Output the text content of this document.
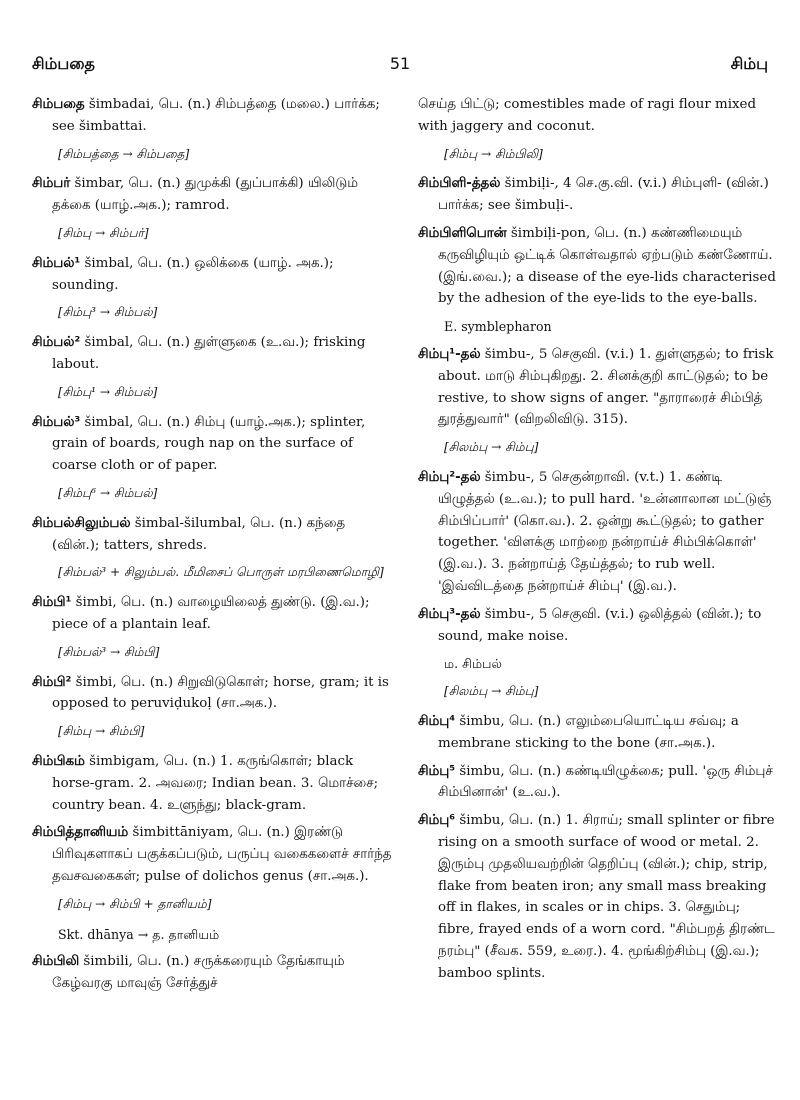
சிம்பதை	51	சிம்பு
சிம்பதை šimbadai, பெ. (n.) சிம்பத்தை (மலை.) பார்க்க; see šimbattai.
[சிம்பத்தை → சிம்பதை]
சிம்பர் šimbar, பெ. (n.) துமுக்கி (துப்பாக்கி) யிலிடும் தக்கை (யாழ்.அக.); ramrod.
[சிம்பு → சிம்பர்]
சிம்பல்¹ šimbal, பெ. (n.) ஒலிக்கை (யாழ். அக.); sounding.
[சிம்பு³ → சிம்பல்]
சிம்பல்² šimbal, பெ. (n.) துள்ளுகை (உ.வ.); frisking labout.
[சிம்பு¹ → சிம்பல்]
சிம்பல்³ šimbal, பெ. (n.) சிம்பு (யாழ்.அக.); splinter, grain of boards, rough nap on the surface of coarse cloth or of paper.
[சிம்பு⁶ → சிம்பல்]
சிம்பல்சிலும்பல் šimbal-šilumbal, பெ. (n.) கந்தை (வின்.); tatters, shreds.
[சிம்பல்³ + சிலும்பல். மீமிசைப் பொருள் மரபிணைமொழி]
சிம்பி¹ šimbi, பெ. (n.) வாழையிலைத் துண்டு. (இ.வ.); piece of a plantain leaf.
[சிம்பல்³ → சிம்பி]
சிம்பி² šimbi, பெ. (n.) சிறுவிடுகொள்; horse, gram; it is opposed to peruviḍukoḷ (சா.அக.).
[சிம்பு → சிம்பி]
சிம்பிகம் šimbigam, பெ. (n.) 1. கருங்கொள்; black horse-gram. 2. அவரை; Indian bean. 3. மொச்சை; country bean. 4. உளுந்து; black-gram.
சிம்பித்தானியம் šimbittāniyam, பெ. (n.) இரண்டு பிரிவுகளாகப் பகுக்கப்படும், பருப்பு வகைகளைச் சார்ந்த தவசவகைகள்; pulse of dolichos genus (சா.அக.).
[சிம்பு → சிம்பி + தானியம்]
Skt. dhānya → த. தானியம்
சிம்பிலி šimbili, பெ. (n.) சருக்கரையும் தேங்காயும் கேழ்வரகு மாவுஞ் சேர்த்துச்
செய்த பிட்டு; comestibles made of ragi flour mixed with jaggery and coconut.
[சிம்பு → சிம்பிலி]
சிம்பிளி-த்தல் šimbiḷi-, 4 செ.கு.வி. (v.i.) சிம்புளி- (வின்.) பார்க்க; see šimbuḷi-.
சிம்பிளிபொன் šimbiḷi-pon, பெ. (n.) கண்ணிமையும் கருவிழியும் ஒட்டிக் கொள்வதால் ஏற்படும் கண்ணோய். (இங்.வை.); a disease of the eye-lids characterised by the adhesion of the eye-lids to the eye-balls.
E. symblepharon
சிம்பு¹-தல் šimbu-, 5 செகுவி. (v.i.) 1. துள்ளுதல்; to frisk about. மாடு சிம்புகிறது. 2. சினக்குறி காட்டுதல்; to be restive, to show signs of anger. "தாராரைச் சிம்பித் துரத்துவார்" (விறலிவிடு. 315).
[சிலம்பு → சிம்பு]
சிம்பு²-தல் šimbu-, 5 செகுன்றாவி. (v.t.) 1. கண்டி யிழுத்தல் (உ.வ.); to pull hard. 'உன்னாலான மட்டுஞ் சிம்பிப்பார்' (கொ.வ.). 2. ஒன்று கூட்டுதல்; to gather together. 'விளக்கு மாற்றை நன்றாய்ச் சிம்பிக்கொள்' (இ.வ.). 3. நன்றாய்த் தேய்த்தல்; to rub well. 'இவ்விடத்தை நன்றாய்ச் சிம்பு' (இ.வ.).
சிம்பு³-தல் šimbu-, 5 செகுவி. (v.i.) ஒலித்தல் (வின்.); to sound, make noise.
ம. சிம்பல்
[சிலம்பு → சிம்பு]
சிம்பு⁴ šimbu, பெ. (n.) எலும்பையொட்டிய சவ்வு; a membrane sticking to the bone (சா.அக.).
சிம்பு⁵ šimbu, பெ. (n.) கண்டியிழுக்கை; pull. 'ஒரு சிம்புச் சிம்பினான்' (உ.வ.).
சிம்பு⁶ šimbu, பெ. (n.) 1. சிராய்; small splinter or fibre rising on a smooth surface of wood or metal. 2. இரும்பு முதலியவற்றின் தெறிப்பு (வின்.); chip, strip, flake from beaten iron; any small mass breaking off in flakes, in scales or in chips. 3. செதும்பு; fibre, frayed ends of a worn cord. "சிம்பறத் திரண்ட நரம்பு" (சீவக. 559, உரை.). 4. மூங்கிற்சிம்பு (இ.வ.); bamboo splints.
